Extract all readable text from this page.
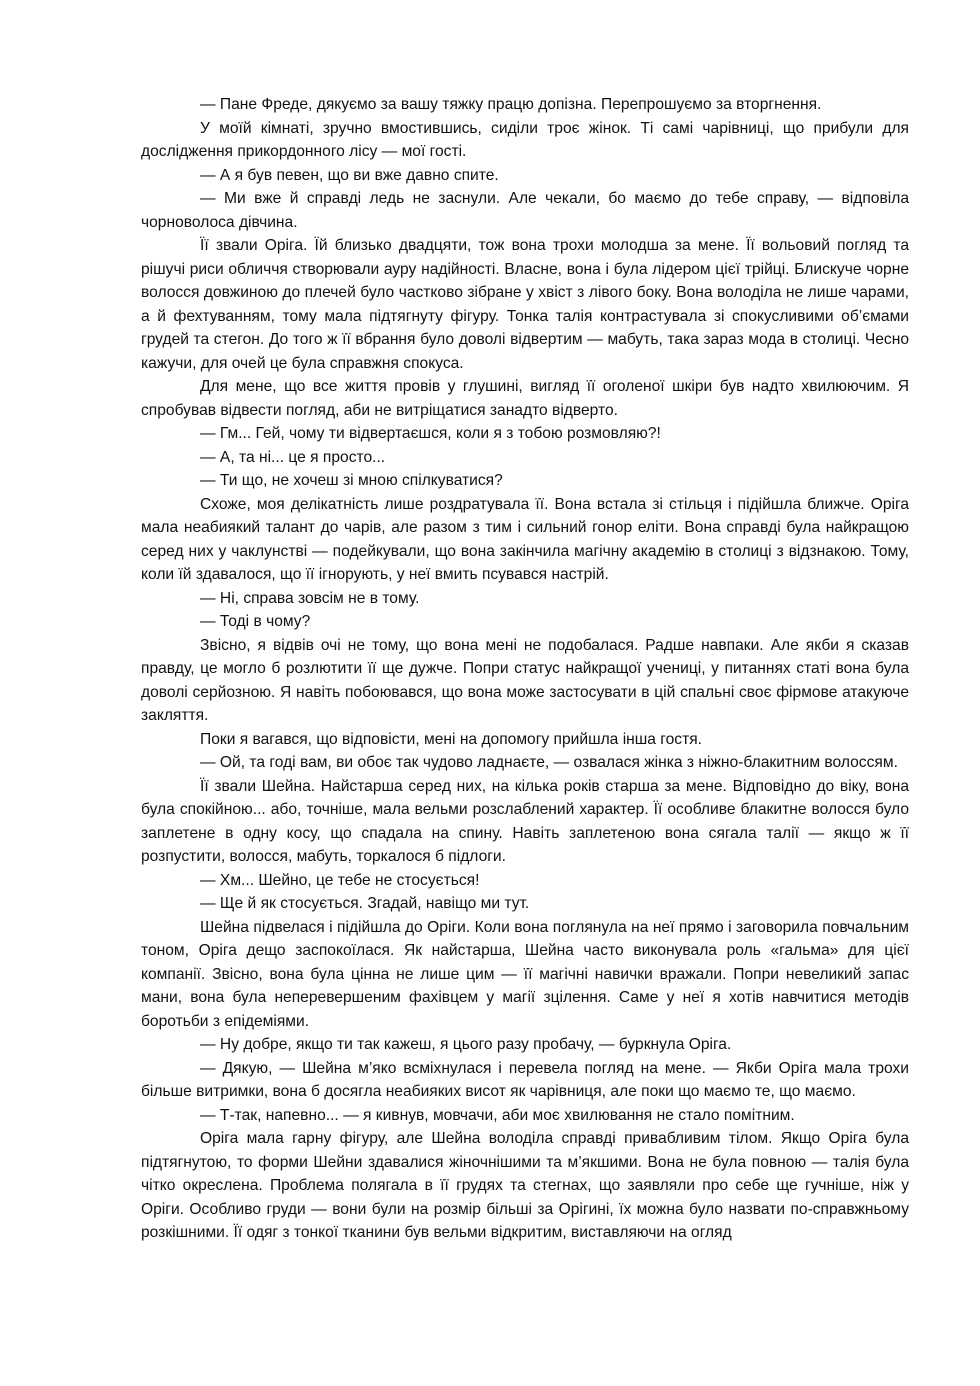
— Пане Фреде, дякуємо за вашу тяжку працю допізна. Перепрошуємо за вторгнення.

У моїй кімнаті, зручно вмостившись, сиділи троє жінок. Ті самі чарівниці, що прибули для дослідження прикордонного лісу — мої гості.

— А я був певен, що ви вже давно спите.

— Ми вже й справді ледь не заснули. Але чекали, бо маємо до тебе справу, — відповіла чорноволоса дівчина.

Її звали Оріга. Їй близько двадцяти, тож вона трохи молодша за мене. Її вольовий погляд та рішучі риси обличчя створювали ауру надійності. Власне, вона і була лідером цієї трійці. Блискуче чорне волосся довжиною до плечей було частково зібране у хвіст з лівого боку. Вона володіла не лише чарами, а й фехтуванням, тому мала підтягнуту фігуру. Тонка талія контрастувала зі спокусливими об’ємами грудей та стегон. До того ж її вбрання було доволі відвертим — мабуть, така зараз мода в столиці. Чесно кажучи, для очей це була справжня спокуса.

Для мене, що все життя провів у глушині, вигляд її оголеної шкіри був надто хвилюючим. Я спробував відвести погляд, аби не витріщатися занадто відверто.

— Гм... Гей, чому ти відвертаєшся, коли я з тобою розмовляю?!

— А, та ні... це я просто...

— Ти що, не хочеш зі мною спілкуватися?

Схоже, моя делікатність лише роздратувала її. Вона встала зі стільця і підійшла ближче. Оріга мала неабиякий талант до чарів, але разом з тим і сильний гонор еліти. Вона справді була найкращою серед них у чаклунстві — подейкували, що вона закінчила магічну академію в столиці з відзнакою. Тому, коли їй здавалося, що її ігнорують, у неї вмить псувався настрій.

— Ні, справа зовсім не в тому.

— Тоді в чому?

Звісно, я відвів очі не тому, що вона мені не подобалася. Радше навпаки. Але якби я сказав правду, це могло б розлютити її ще дужче. Попри статус найкращої учениці, у питаннях статі вона була доволі серйозною. Я навіть побоювався, що вона може застосувати в цій спальні своє фірмове атакуюче закляття.

Поки я вагався, що відповісти, мені на допомогу прийшла інша гостя.

— Ой, та годі вам, ви обоє так чудово ладнаєте, — озвалася жінка з ніжно-блакитним волоссям.

Її звали Шейна. Найстарша серед них, на кілька років старша за мене. Відповідно до віку, вона була спокійною... або, точніше, мала вельми розслаблений характер. Її особливе блакитне волосся було заплетене в одну косу, що спадала на спину. Навіть заплетеною вона сягала талії — якщо ж її розпустити, волосся, мабуть, торкалося б підлоги.

— Хм... Шейно, це тебе не стосується!

— Ще й як стосується. Згадай, навіщо ми тут.

Шейна підвелася і підійшла до Оріги. Коли вона поглянула на неї прямо і заговорила повчальним тоном, Оріга дещо заспокоїлася. Як найстарша, Шейна часто виконувала роль «гальма» для цієї компанії. Звісно, вона була цінна не лише цим — її магічні навички вражали. Попри невеликий запас мани, вона була неперевершеним фахівцем у магії зцілення. Саме у неї я хотів навчитися методів боротьби з епідеміями.

— Ну добре, якщо ти так кажеш, я цього разу пробачу, — буркнула Оріга.

— Дякую, — Шейна м’яко всміхнулася і перевела погляд на мене. — Якби Оріга мала трохи більше витримки, вона б досягла неабияких висот як чарівниця, але поки що маємо те, що маємо.

— Т-так, напевно... — я кивнув, мовчачи, аби моє хвилювання не стало помітним.

Оріга мала гарну фігуру, але Шейна володіла справді привабливим тілом. Якщо Оріга була підтягнутою, то форми Шейни здавалися жіночнішими та м’якшими. Вона не була повною — талія була чітко окреслена. Проблема полягала в її грудях та стегнах, що заявляли про себе ще гучніше, ніж у Оріги. Особливо груди — вони були на розмір більші за Орігині, їх можна було назвати по-справжньому розкішними. Її одяг з тонкої тканини був вельми відкритим, виставляючи на огляд
